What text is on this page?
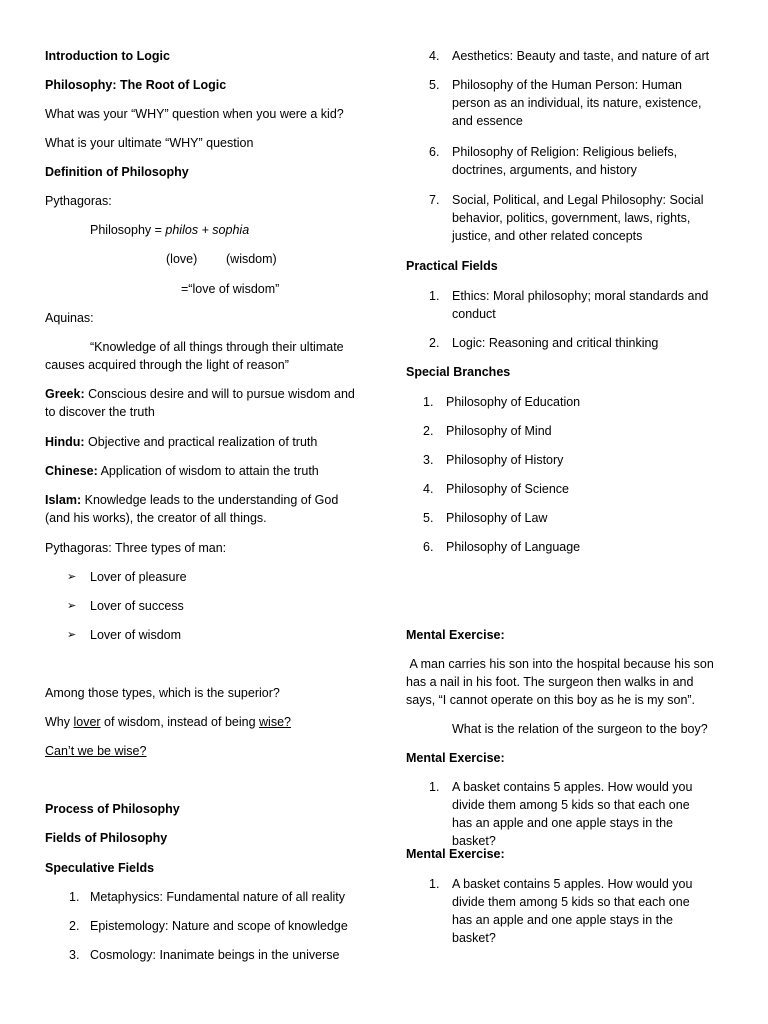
Introduction to Logic
Philosophy: The Root of Logic
What was your “WHY” question when you were a kid?
What is your ultimate “WHY” question
Definition of Philosophy
Pythagoras:
Philosophy = philos + sophia
(love) (wisdom)
=“love of wisdom”
Aquinas:
“Knowledge of all things through their ultimate
causes acquired through the light of reason”
Greek: Conscious desire and will to pursue wisdom and
to discover the truth
Hindu: Objective and practical realization of truth
Chinese: Application of wisdom to attain the truth
Islam: Knowledge leads to the understanding of God
(and his works), the creator of all things.
Pythagoras: Three types of man:
➢ Lover of pleasure
➢ Lover of success
➢ Lover of wisdom
Among those types, which is the superior?
Why lover of wisdom, instead of being wise?
Can’t we be wise?
Process of Philosophy
Fields of Philosophy
Speculative Fields
1. Metaphysics: Fundamental nature of all reality
2. Epistemology: Nature and scope of knowledge
3. Cosmology: Inanimate beings in the universe
4. Aesthetics: Beauty and taste, and nature of art
5. Philosophy of the Human Person: Human person as an individual, its nature, existence, and essence
6. Philosophy of Religion: Religious beliefs, doctrines, arguments, and history
7. Social, Political, and Legal Philosophy: Social behavior, politics, government, laws, rights, justice, and other related concepts
Practical Fields
1. Ethics: Moral philosophy; moral standards and conduct
2. Logic: Reasoning and critical thinking
Special Branches
1. Philosophy of Education
2. Philosophy of Mind
3. Philosophy of History
4. Philosophy of Science
5. Philosophy of Law
6. Philosophy of Language
Mental Exercise:
A man carries his son into the hospital because his son has a nail in his foot. The surgeon then walks in and says, “I cannot operate on this boy as he is my son”.
What is the relation of the surgeon to the boy?
Mental Exercise:
1. A basket contains 5 apples. How would you divide them among 5 kids so that each one has an apple and one apple stays in the basket?
Mental Exercise:
1. A basket contains 5 apples. How would you divide them among 5 kids so that each one has an apple and one apple stays in the basket?
